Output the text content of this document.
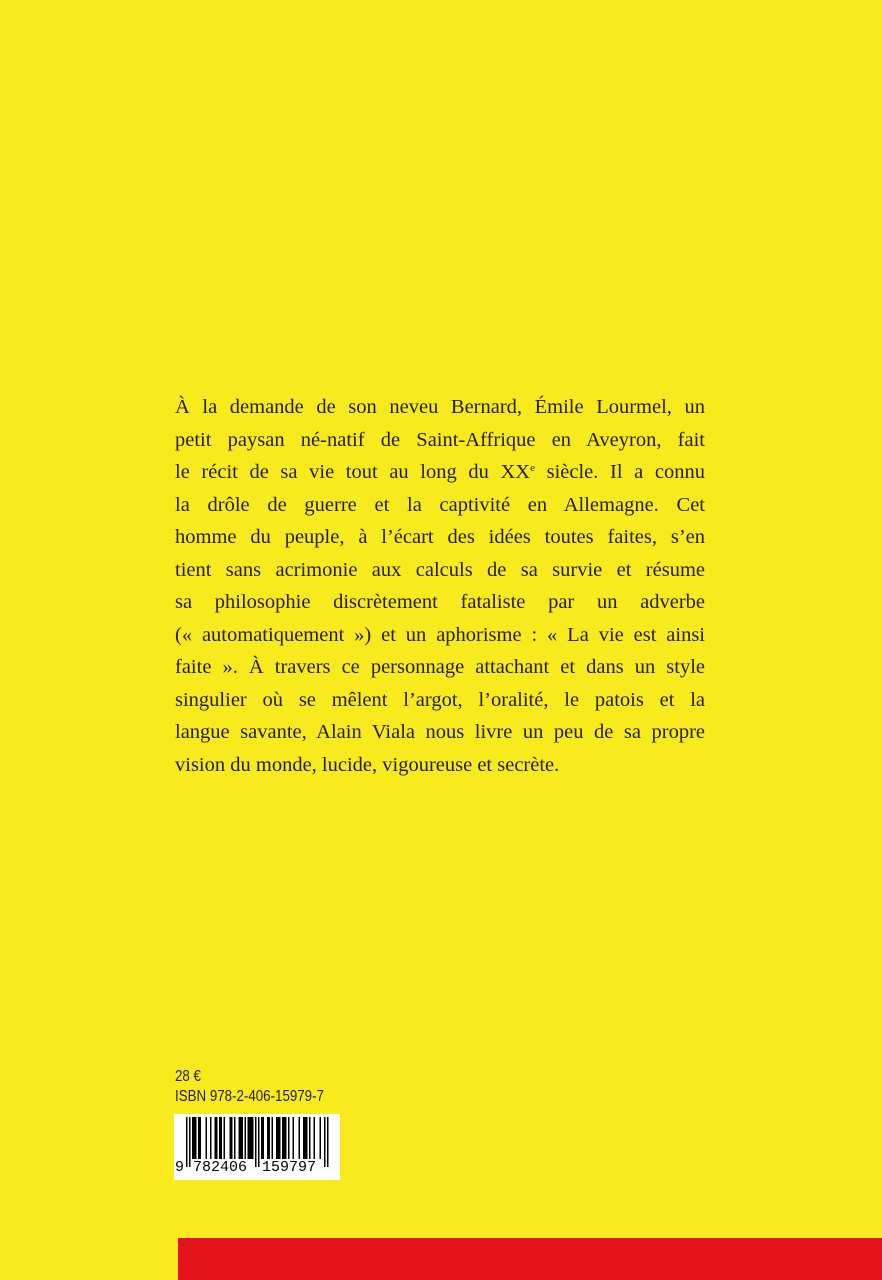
À la demande de son neveu Bernard, Émile Lourmel, un
petit paysan né-natif de Saint-Affrique en Aveyron, fait
le récit de sa vie tout au long du XXe siècle. Il a connu
la drôle de guerre et la captivité en Allemagne. Cet
homme du peuple, à l’écart des idées toutes faites, s’en
tient sans acrimonie aux calculs de sa survie et résume
sa philosophie discrètement fataliste par un adverbe
(« automatiquement ») et un aphorisme : « La vie est ainsi
faite ». À travers ce personnage attachant et dans un style
singulier où se mêlent l’argot, l’oralité, le patois et la
langue savante, Alain Viala nous livre un peu de sa propre
vision du monde, lucide, vigoureuse et secrète.
28 €
ISBN 978-2-406-15979-7
9 782406 159797
